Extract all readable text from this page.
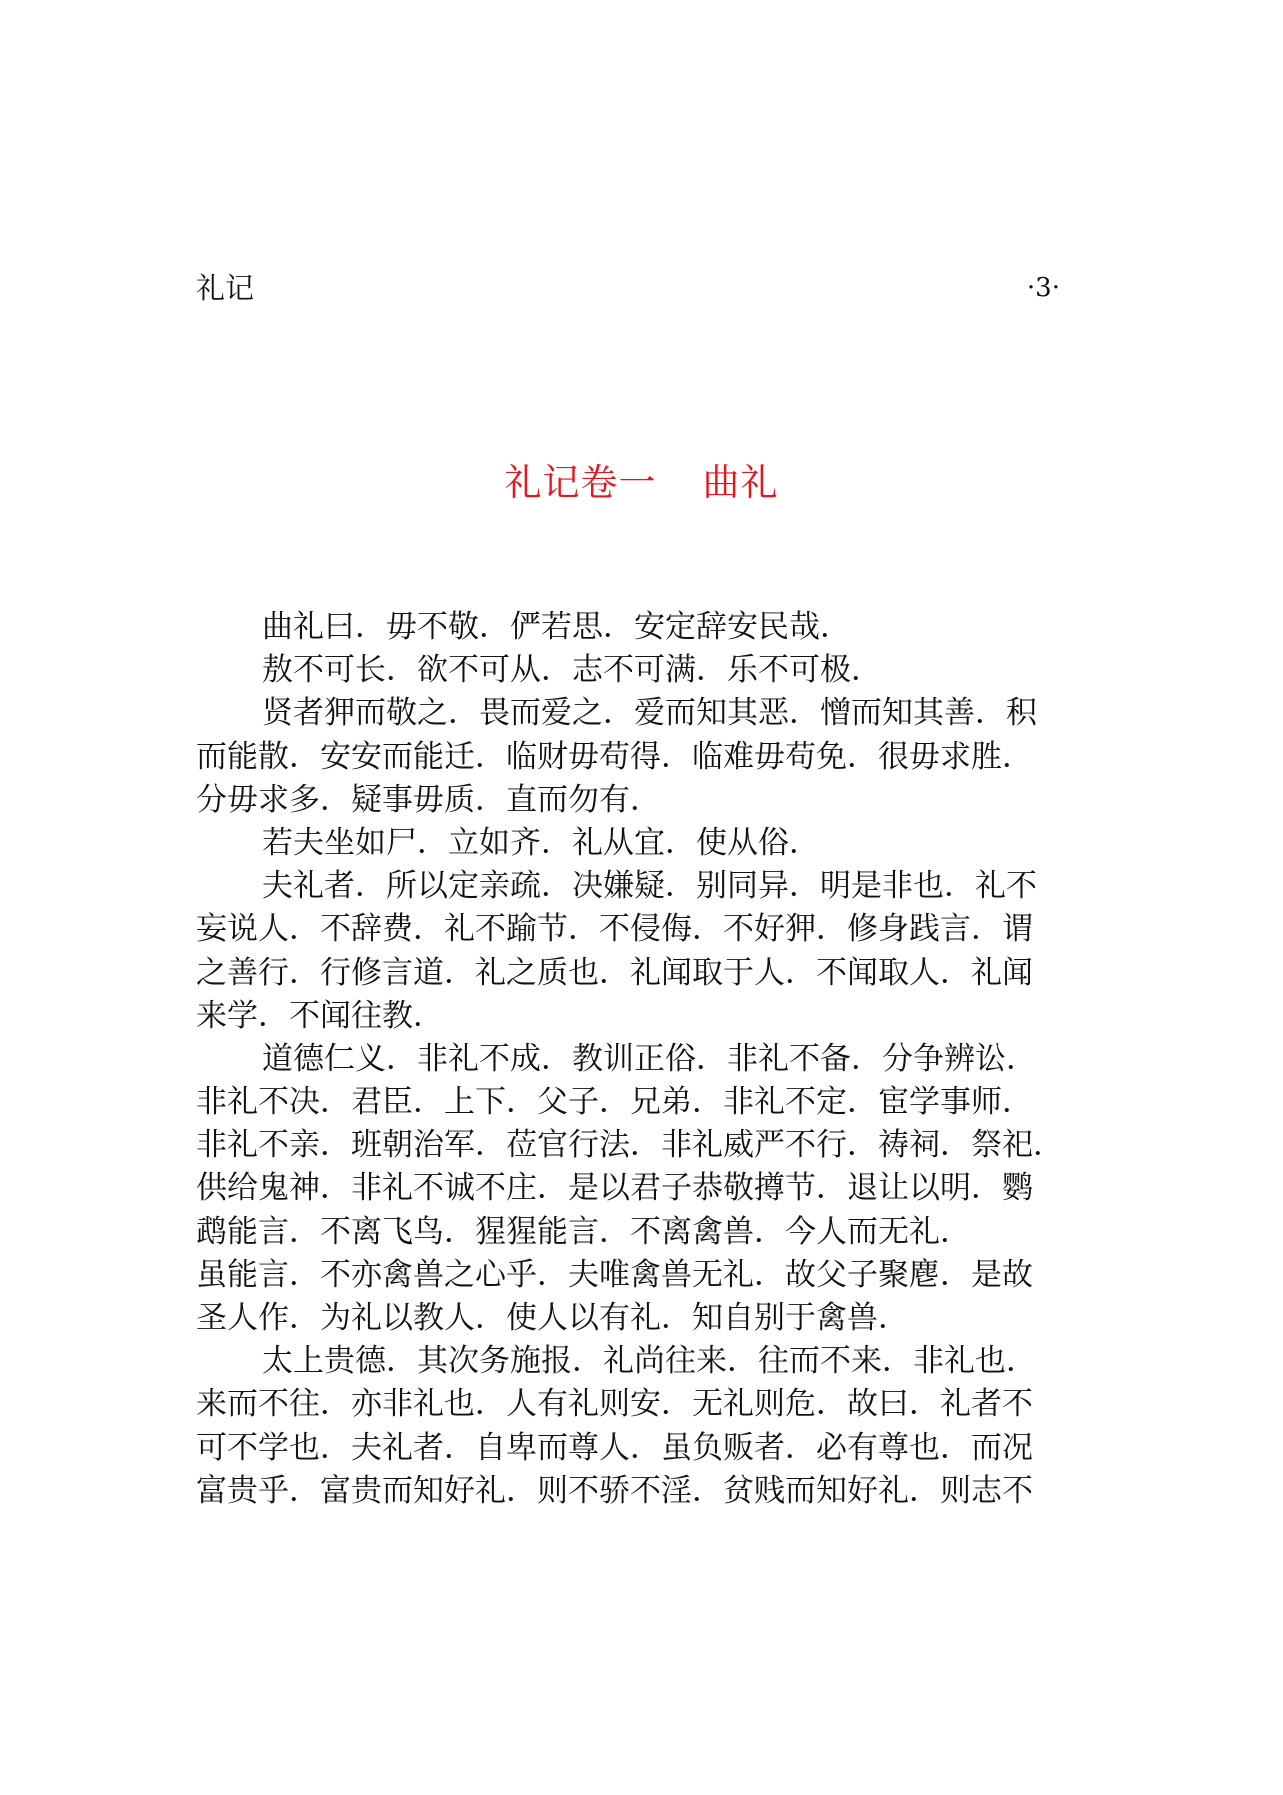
礼记	·3·
礼记卷一 曲礼
曲礼曰．毋不敬．俨若思．安定辞安民哉．
敖不可长．欲不可从．志不可满．乐不可极．
贤者狎而敬之．畏而爱之．爱而知其恶．憎而知其善．积
而能散．安安而能迁．临财毋苟得．临难毋苟免．很毋求胜．
分毋求多．疑事毋质．直而勿有．
若夫坐如尸．立如齐．礼从宜．使从俗．
夫礼者．所以定亲疏．决嫌疑．别同异．明是非也．礼不
妄说人．不辞费．礼不踰节．不侵侮．不好狎．修身践言．谓
之善行．行修言道．礼之质也．礼闻取于人．不闻取人．礼闻
来学．不闻往教．
道德仁义．非礼不成．教训正俗．非礼不备．分争辨讼．
非礼不决．君臣．上下．父子．兄弟．非礼不定．宦学事师．
非礼不亲．班朝治军．莅官行法．非礼威严不行．祷祠．祭祀．
供给鬼神．非礼不诚不庄．是以君子恭敬撙节．退让以明．鹦
鹉能言．不离飞鸟．猩猩能言．不离禽兽．今人而无礼．
虽能言．不亦禽兽之心乎．夫唯禽兽无礼．故父子聚麀．是故
圣人作．为礼以教人．使人以有礼．知自别于禽兽．
太上贵德．其次务施报．礼尚往来．往而不来．非礼也．
来而不往．亦非礼也．人有礼则安．无礼则危．故曰．礼者不
可不学也．夫礼者．自卑而尊人．虽负贩者．必有尊也．而况
富贵乎．富贵而知好礼．则不骄不淫．贫贱而知好礼．则志不
